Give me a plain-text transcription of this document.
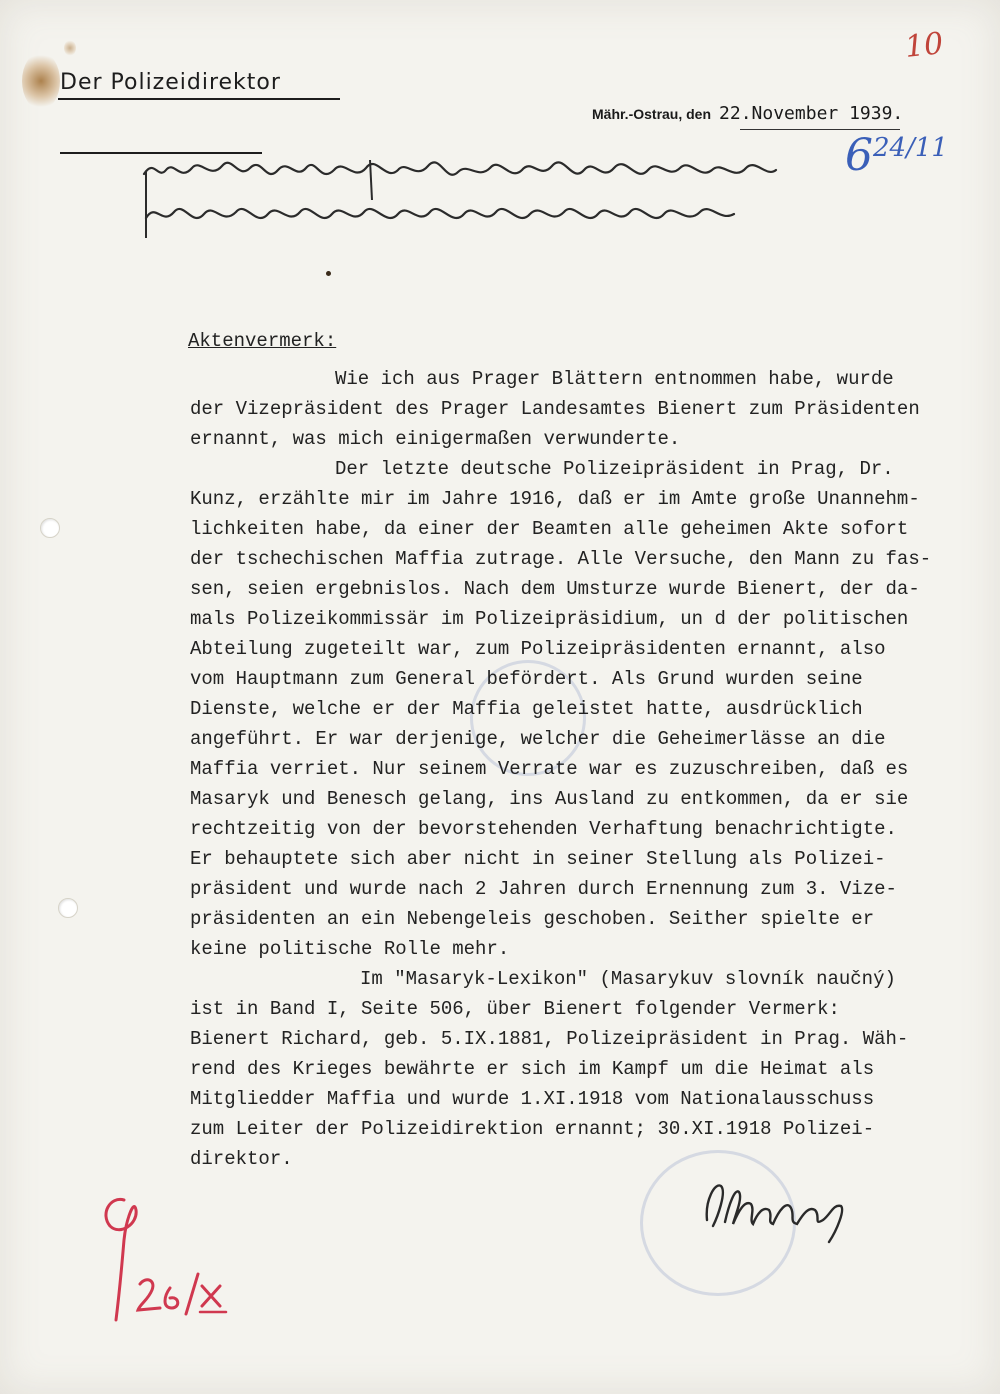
Der Polizeidirektor
Mähr.-Ostrau, den 22.November 1939.
10
$6^{24/11}$
Aktenvermerk:
Wie ich aus Prager Blättern entnommen habe, wurde
der Vizepräsident des Prager Landesamtes Bienert zum Präsidenten
ernannt, was mich einigermaßen verwunderte.
Der letzte deutsche Polizeipräsident in Prag, Dr.
Kunz, erzählte mir im Jahre 1916, daß er im Amte große Unannehm-
lichkeiten habe, da einer der Beamten alle geheimen Akte sofort
der tschechischen Maffia zutrage. Alle Versuche, den Mann zu fas-
sen, seien ergebnislos. Nach dem Umsturze wurde Bienert, der da-
mals Polizeikommissär im Polizeipräsidium, un d der politischen
Abteilung zugeteilt war, zum Polizeipräsidenten ernannt, also
vom Hauptmann zum General befördert. Als Grund wurden seine
Dienste, welche er der Maffia geleistet hatte, ausdrücklich
angeführt. Er war derjenige, welcher die Geheimerlässe an die
Maffia verriet. Nur seinem Verrate war es zuzuschreiben, daß es
Masaryk und Benesch gelang, ins Ausland zu entkommen, da er sie
rechtzeitig von der bevorstehenden Verhaftung benachrichtigte.
Er behauptete sich aber nicht in seiner Stellung als Polizei-
präsident und wurde nach 2 Jahren durch Ernennung zum 3. Vize-
präsidenten an ein Nebengeleis geschoben. Seither spielte er
keine politische Rolle mehr.
Im "Masaryk-Lexikon" (Masarykuv slovník naučný)
ist in Band I, Seite 506, über Bienert folgender Vermerk:
Bienert Richard, geb. 5.IX.1881, Polizeipräsident in Prag. Wäh-
rend des Krieges bewährte er sich im Kampf um die Heimat als
Mitgliedder Maffia und wurde 1.XI.1918 vom Nationalausschuss
zum Leiter der Polizeidirektion ernannt; 30.XI.1918 Polizei-
direktor.
